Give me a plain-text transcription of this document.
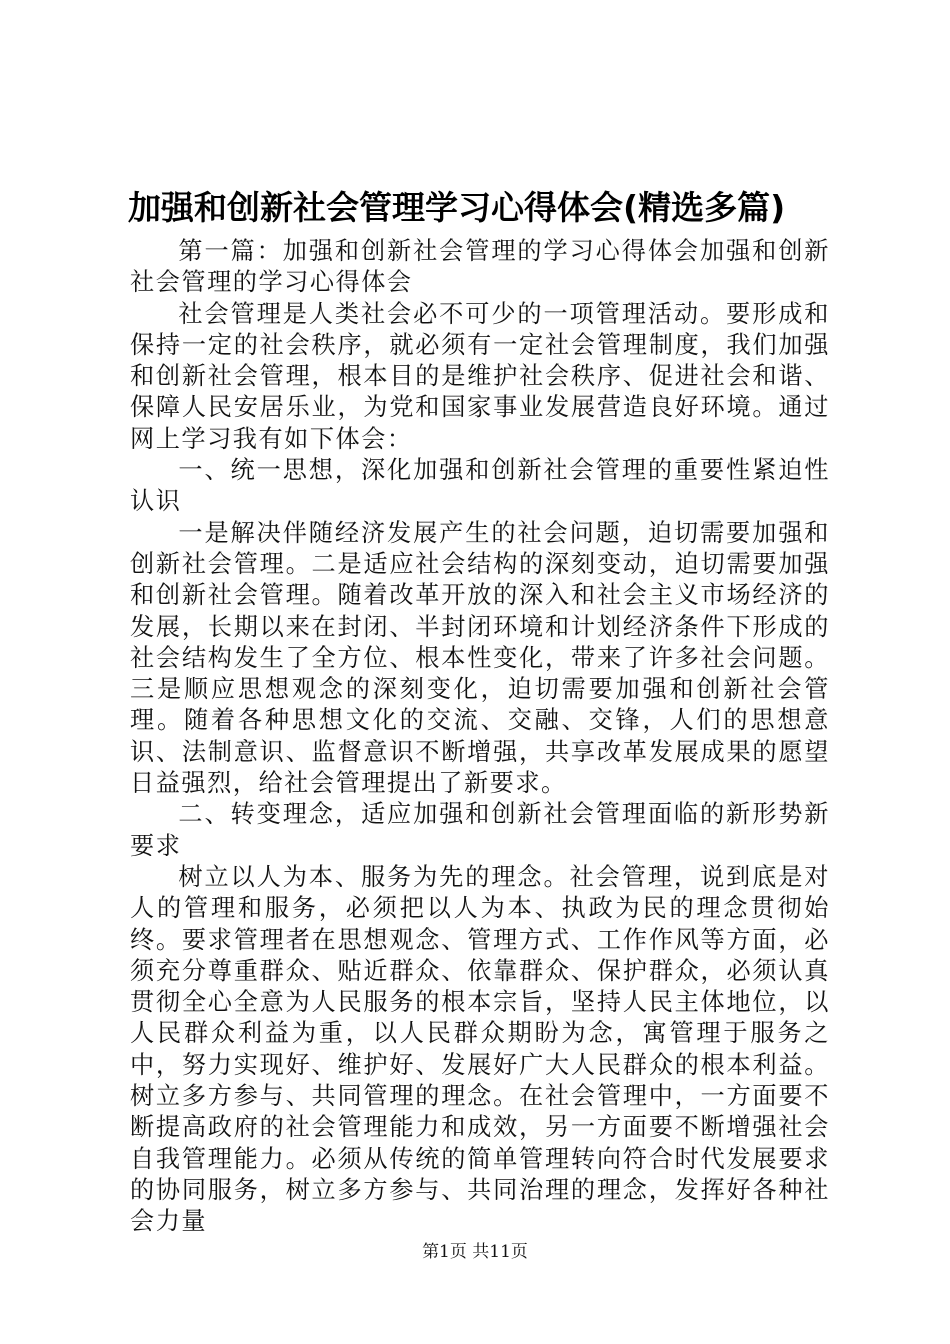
加强和创新社会管理学习心得体会(精选多篇)

第一篇：加强和创新社会管理的学习心得体会加强和创新社会管理的学习心得体会

社会管理是人类社会必不可少的一项管理活动。要形成和保持一定的社会秩序，就必须有一定社会管理制度，我们加强和创新社会管理，根本目的是维护社会秩序、促进社会和谐、保障人民安居乐业，为党和国家事业发展营造良好环境。通过网上学习我有如下体会：

一、统一思想，深化加强和创新社会管理的重要性紧迫性认识

一是解决伴随经济发展产生的社会问题，迫切需要加强和创新社会管理。二是适应社会结构的深刻变动，迫切需要加强和创新社会管理。随着改革开放的深入和社会主义市场经济的发展，长期以来在封闭、半封闭环境和计划经济条件下形成的社会结构发生了全方位、根本性变化，带来了许多社会问题。三是顺应思想观念的深刻变化，迫切需要加强和创新社会管理。随着各种思想文化的交流、交融、交锋，人们的思想意识、法制意识、监督意识不断增强，共享改革发展成果的愿望日益强烈，给社会管理提出了新要求。

二、转变理念，适应加强和创新社会管理面临的新形势新要求

树立以人为本、服务为先的理念。社会管理，说到底是对人的管理和服务，必须把以人为本、执政为民的理念贯彻始终。要求管理者在思想观念、管理方式、工作作风等方面，必须充分尊重群众、贴近群众、依靠群众、保护群众，必须认真贯彻全心全意为人民服务的根本宗旨，坚持人民主体地位，以人民群众利益为重，以人民群众期盼为念，寓管理于服务之中，努力实现好、维护好、发展好广大人民群众的根本利益。树立多方参与、共同管理的理念。在社会管理中，一方面要不断提高政府的社会管理能力和成效，另一方面要不断增强社会自我管理能力。必须从传统的简单管理转向符合时代发展要求的协同服务，树立多方参与、共同治理的理念，发挥好各种社会力量

第1页 共11页
